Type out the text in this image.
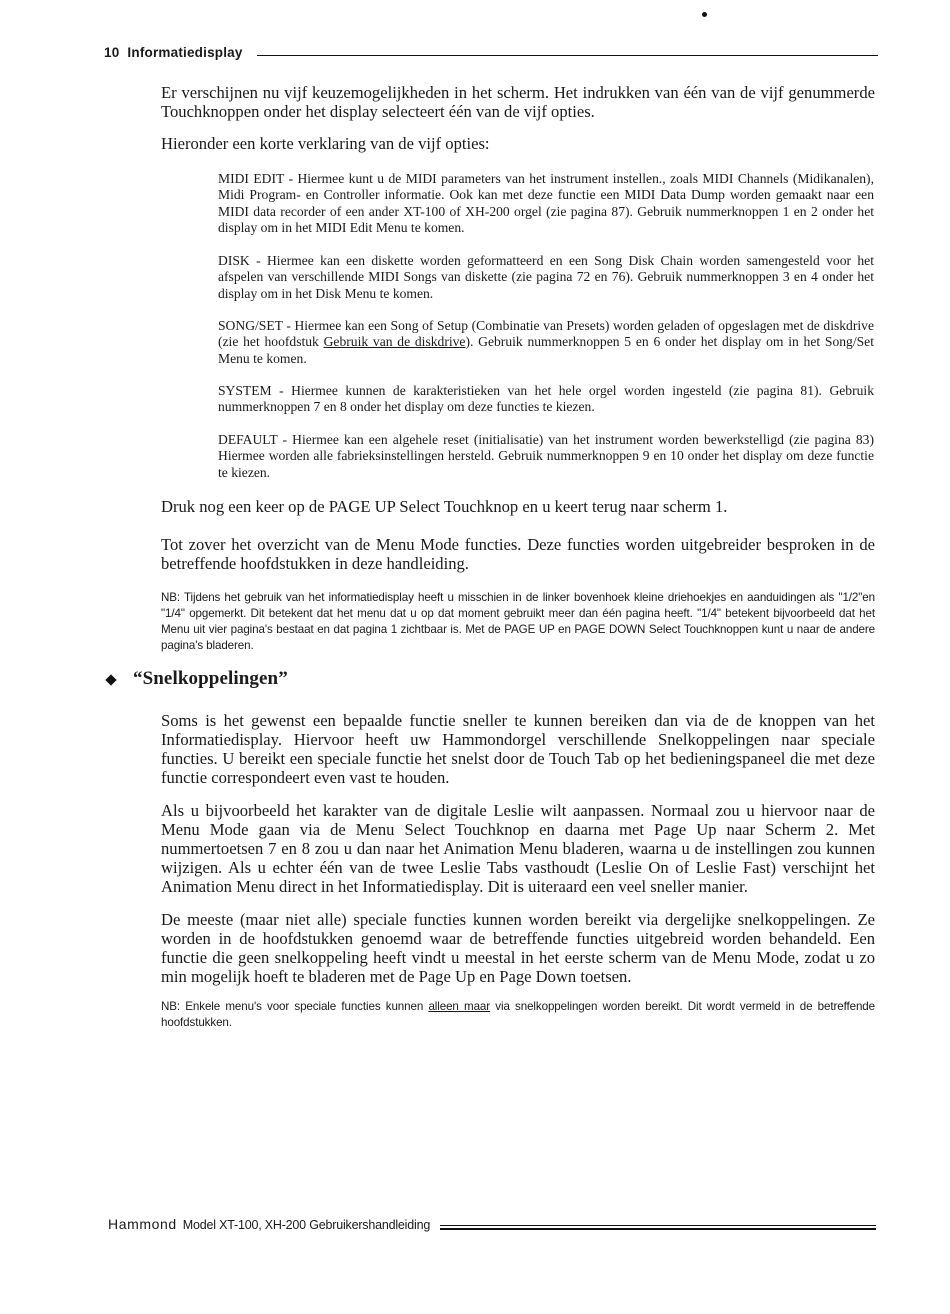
10 Informatiedisplay

Er verschijnen nu vijf keuzemogelijkheden in het scherm. Het indrukken van één van de vijf genummerde Touchknoppen onder het display selecteert één van de vijf opties.

Hieronder een korte verklaring van de vijf opties:

MIDI EDIT - Hiermee kunt u de MIDI parameters van het instrument instellen., zoals MIDI Channels (Midikanalen), Midi Program- en Controller informatie. Ook kan met deze functie een MIDI Data Dump worden gemaakt naar een MIDI data recorder of een ander XT-100 of XH-200 orgel (zie pagina 87). Gebruik nummerknoppen 1 en 2 onder het display om in het MIDI Edit Menu te komen.

DISK - Hiermee kan een diskette worden geformatteerd en een Song Disk Chain worden samengesteld voor het afspelen van verschillende MIDI Songs van diskette (zie pagina 72 en 76). Gebruik nummerknoppen 3 en 4 onder het display om in het Disk Menu te komen.

SONG/SET - Hiermee kan een Song of Setup (Combinatie van Presets) worden geladen of opgeslagen met de diskdrive (zie het hoofdstuk Gebruik van de diskdrive). Gebruik nummerknoppen 5 en 6 onder het display om in het Song/Set Menu te komen.

SYSTEM - Hiermee kunnen de karakteristieken van het hele orgel worden ingesteld (zie pagina 81). Gebruik nummerknoppen 7 en 8 onder het display om deze functies te kiezen.

DEFAULT - Hiermee kan een algehele reset (initialisatie) van het instrument worden bewerkstelligd (zie pagina 83) Hiermee worden alle fabrieksinstellingen hersteld. Gebruik nummerknoppen 9 en 10 onder het display om deze functie te kiezen.

Druk nog een keer op de PAGE UP Select Touchknop en u keert terug naar scherm 1.

Tot zover het overzicht van de Menu Mode functies. Deze functies worden uitgebreider besproken in de betreffende hoofdstukken in deze handleiding.

NB: Tijdens het gebruik van het informatiedisplay heeft u misschien in de linker bovenhoek kleine driehoekjes en aanduidingen als "1/2"en "1/4" opgemerkt. Dit betekent dat het menu dat u op dat moment gebruikt meer dan één pagina heeft. "1/4" betekent bijvoorbeeld dat het Menu uit vier pagina's bestaat en dat pagina 1 zichtbaar is. Met de PAGE UP en PAGE DOWN Select Touchknoppen kunt u naar de andere pagina's bladeren.

“Snelkoppelingen”

Soms is het gewenst een bepaalde functie sneller te kunnen bereiken dan via de de knoppen van het Informatiedisplay. Hiervoor heeft uw Hammondorgel verschillende Snelkoppelingen naar speciale functies. U bereikt een speciale functie het snelst door de Touch Tab op het bedieningspaneel die met deze functie correspondeert even vast te houden.

Als u bijvoorbeeld het karakter van de digitale Leslie wilt aanpassen. Normaal zou u hiervoor naar de Menu Mode gaan via de Menu Select Touchknop en daarna met Page Up naar Scherm 2. Met nummertoetsen 7 en 8 zou u dan naar het Animation Menu bladeren, waarna u de instellingen zou kunnen wijzigen. Als u echter één van de twee Leslie Tabs vasthoudt (Leslie On of Leslie Fast) verschijnt het Animation Menu direct in het Informatiedisplay. Dit is uiteraard een veel sneller manier.

De meeste (maar niet alle) speciale functies kunnen worden bereikt via dergelijke snelkoppelingen. Ze worden in de hoofdstukken genoemd waar de betreffende functies uitgebreid worden behandeld. Een functie die geen snelkoppeling heeft vindt u meestal in het eerste scherm van de Menu Mode, zodat u zo min mogelijk hoeft te bladeren met de Page Up en Page Down toetsen.

NB: Enkele menu's voor speciale functies kunnen alleen maar via snelkoppelingen worden bereikt. Dit wordt vermeld in de betreffende hoofdstukken.

Hammond Model XT-100, XH-200 Gebruikershandleiding
